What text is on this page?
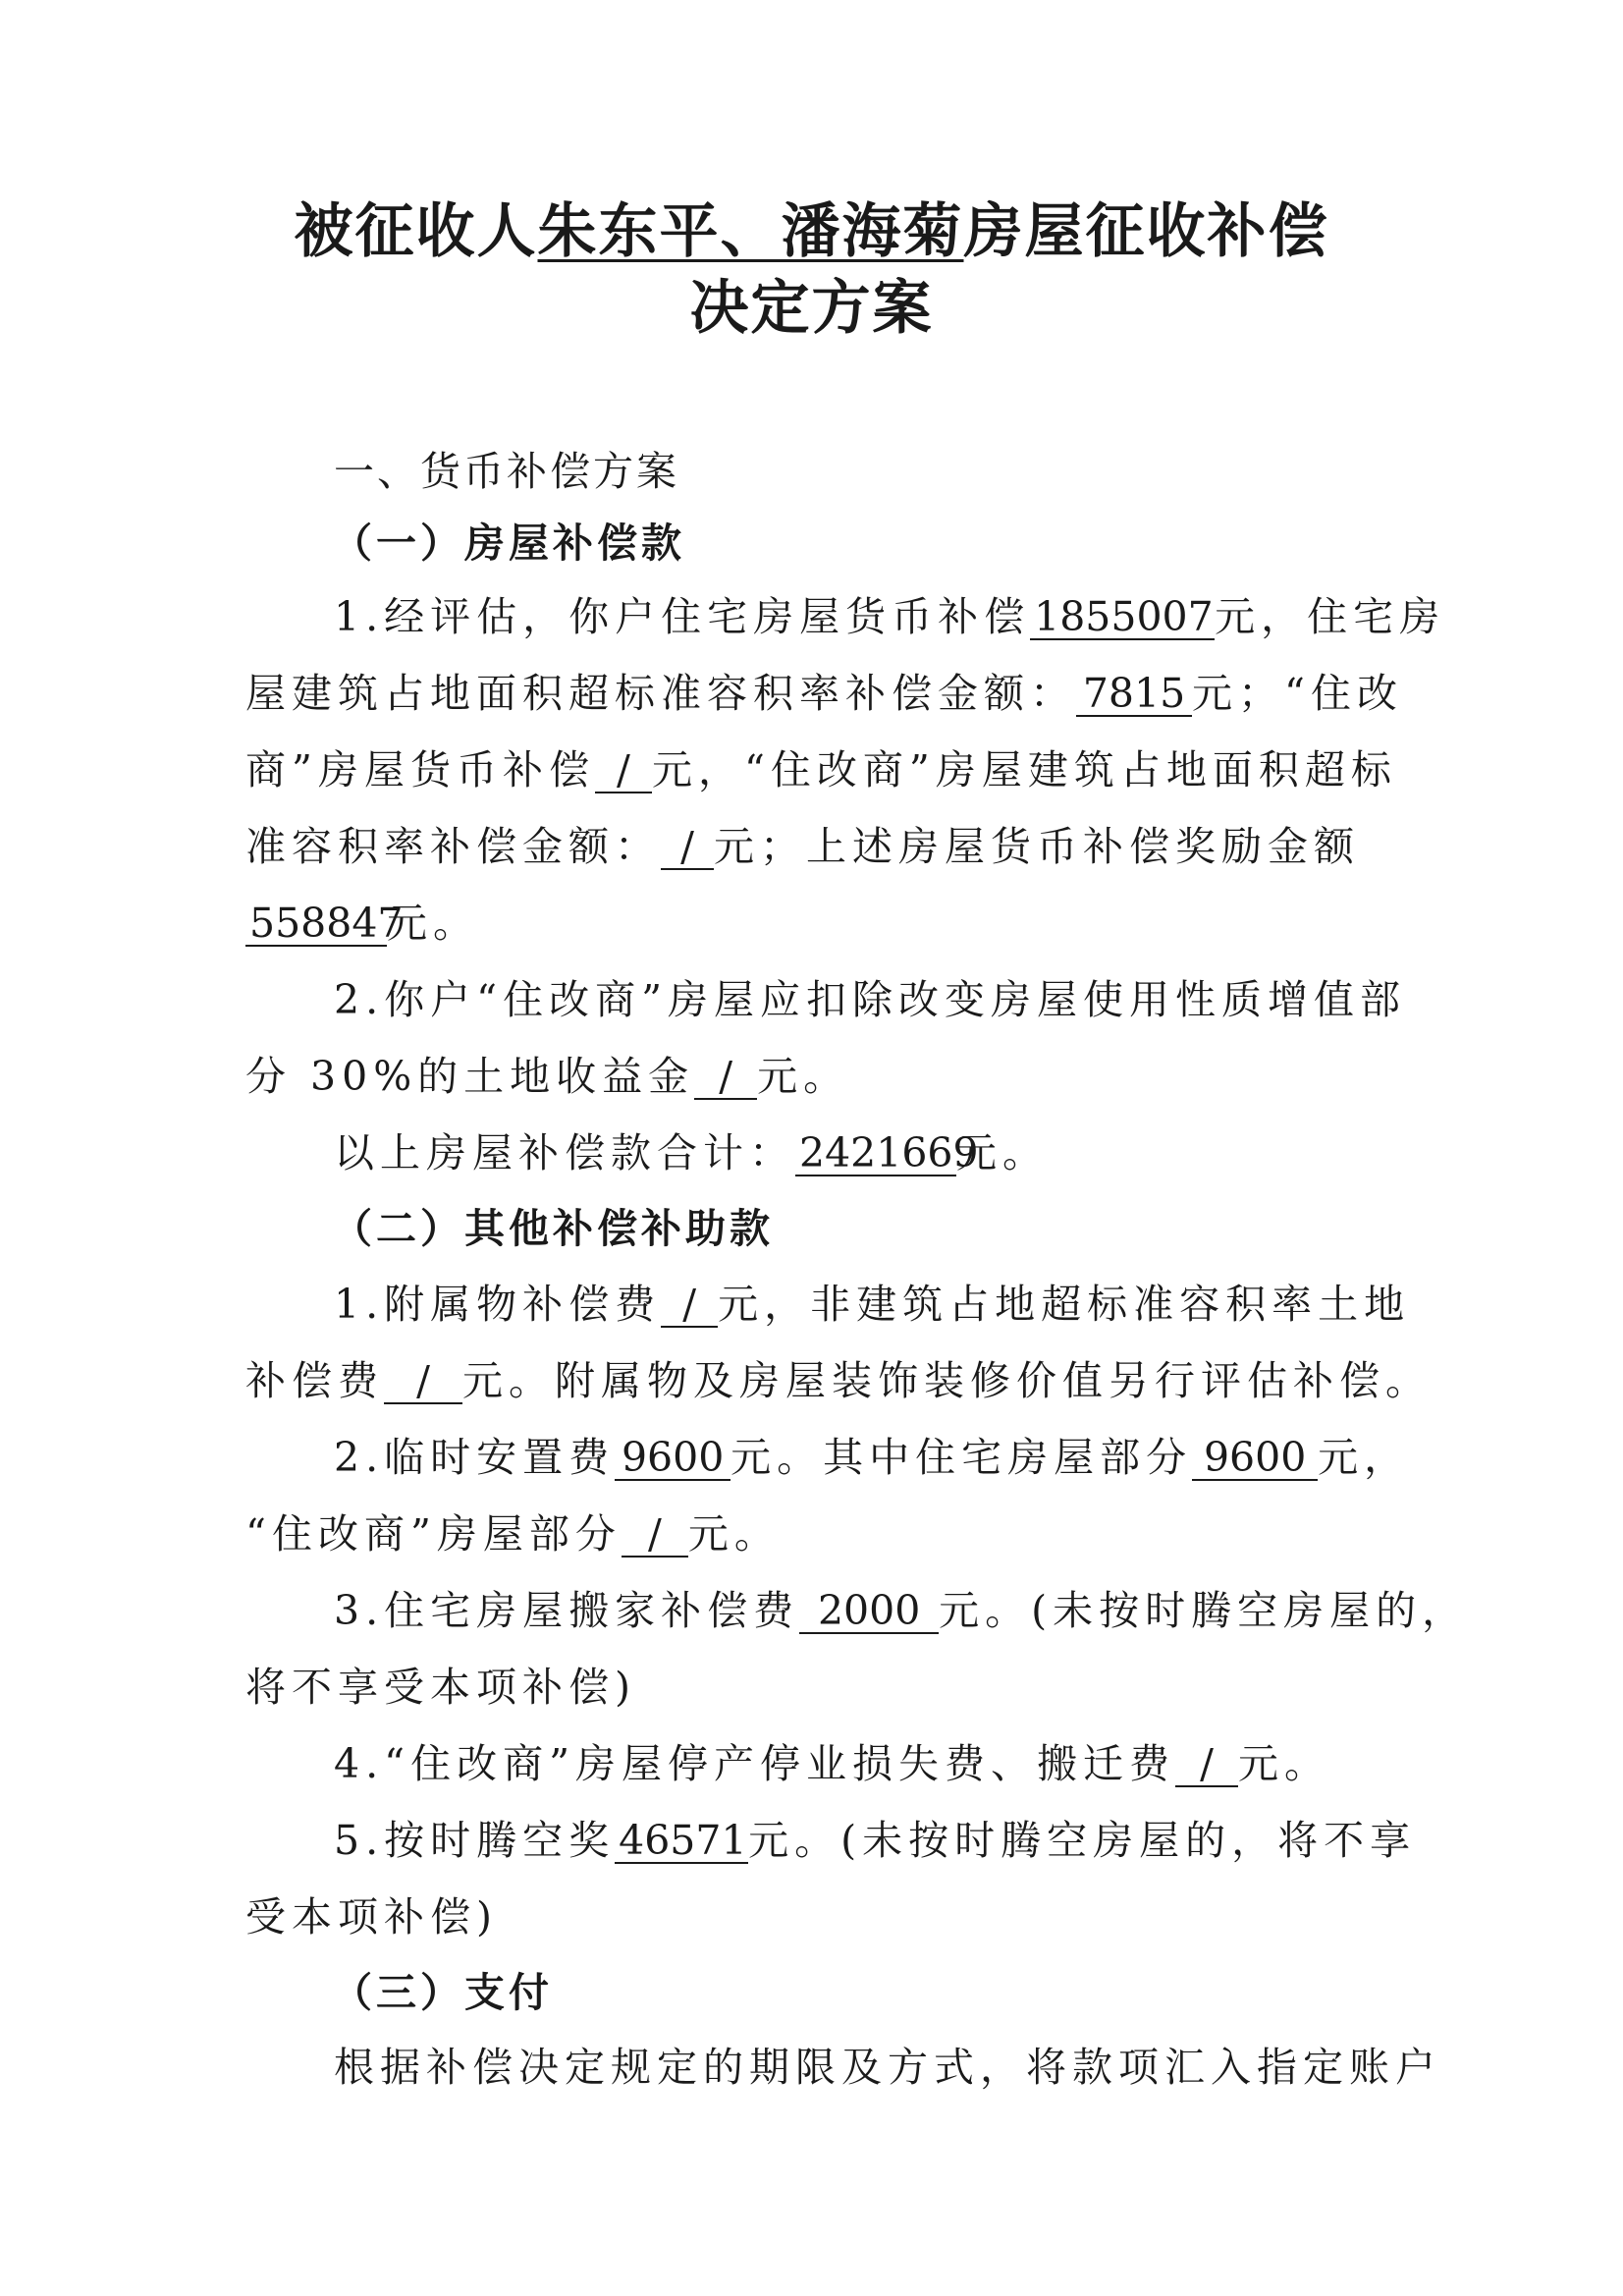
被征收人朱东平、潘海菊房屋征收补偿
决定方案
一、货币补偿方案
（一）房屋补偿款
1.经评估，你户住宅房屋货币补偿1855007元，住宅房
屋建筑占地面积超标准容积率补偿金额： 7815 元；“住改
商”房屋货币补偿 / 元，“住改商”房屋建筑占地面积超标
准容积率补偿金额： / 元；上述房屋货币补偿奖励金额
558847元。
2.你户“住改商”房屋应扣除改变房屋使用性质增值部
分 30%的土地收益金 / 元。
以上房屋补偿款合计：2421669元。
（二）其他补偿补助款
1.附属物补偿费 / 元，非建筑占地超标准容积率土地
补偿费 / 元。附属物及房屋装饰装修价值另行评估补偿。
2.临时安置费 9600 元。其中住宅房屋部分 9600 元，
“住改商”房屋部分 / 元。
3.住宅房屋搬家补偿费 2000 元。(未按时腾空房屋的，
将不享受本项补偿)
4.“住改商”房屋停产停业损失费、搬迁费 / 元。
5.按时腾空奖46571元。(未按时腾空房屋的，将不享
受本项补偿)
（三）支付
根据补偿决定规定的期限及方式，将款项汇入指定账户
